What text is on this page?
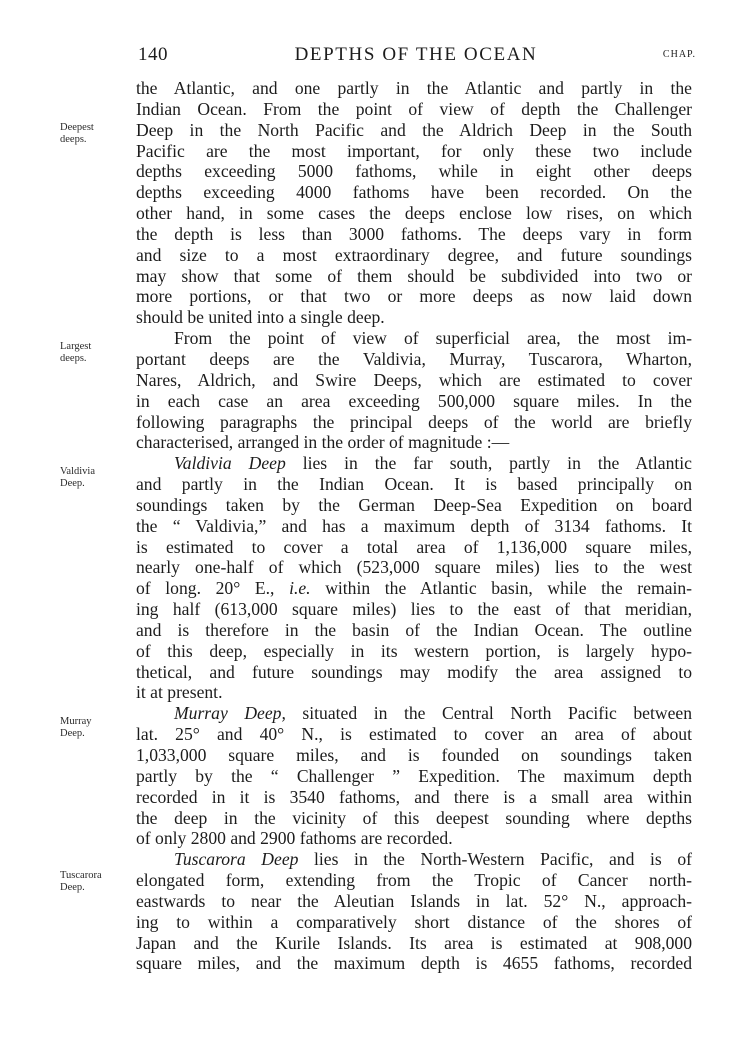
140	DEPTHS OF THE OCEAN	CHAP.
Deepest
deeps.
Largest
deeps.
Valdivia
Deep.
Murray
Deep.
Tuscarora
Deep.
the Atlantic, and one partly in the Atlantic and partly in the
Indian Ocean. From the point of view of depth the Challenger
Deep in the North Pacific and the Aldrich Deep in the South
Pacific are the most important, for only these two include
depths exceeding 5000 fathoms, while in eight other deeps
depths exceeding 4000 fathoms have been recorded. On the
other hand, in some cases the deeps enclose low rises, on which
the depth is less than 3000 fathoms. The deeps vary in form
and size to a most extraordinary degree, and future soundings
may show that some of them should be subdivided into two or
more portions, or that two or more deeps as now laid down
should be united into a single deep.
From the point of view of superficial area, the most im-
portant deeps are the Valdivia, Murray, Tuscarora, Wharton,
Nares, Aldrich, and Swire Deeps, which are estimated to cover
in each case an area exceeding 500,000 square miles. In the
following paragraphs the principal deeps of the world are briefly
characterised, arranged in the order of magnitude :—
Valdivia Deep lies in the far south, partly in the Atlantic
and partly in the Indian Ocean. It is based principally on
soundings taken by the German Deep-Sea Expedition on board
the “ Valdivia,” and has a maximum depth of 3134 fathoms. It
is estimated to cover a total area of 1,136,000 square miles,
nearly one-half of which (523,000 square miles) lies to the west
of long. 20° E., i.e. within the Atlantic basin, while the remain-
ing half (613,000 square miles) lies to the east of that meridian,
and is therefore in the basin of the Indian Ocean. The outline
of this deep, especially in its western portion, is largely hypo-
thetical, and future soundings may modify the area assigned to
it at present.
Murray Deep, situated in the Central North Pacific between
lat. 25° and 40° N., is estimated to cover an area of about
1,033,000 square miles, and is founded on soundings taken
partly by the “ Challenger ” Expedition. The maximum depth
recorded in it is 3540 fathoms, and there is a small area within
the deep in the vicinity of this deepest sounding where depths
of only 2800 and 2900 fathoms are recorded.
Tuscarora Deep lies in the North-Western Pacific, and is of
elongated form, extending from the Tropic of Cancer north-
eastwards to near the Aleutian Islands in lat. 52° N., approach-
ing to within a comparatively short distance of the shores of
Japan and the Kurile Islands. Its area is estimated at 908,000
square miles, and the maximum depth is 4655 fathoms, recorded
